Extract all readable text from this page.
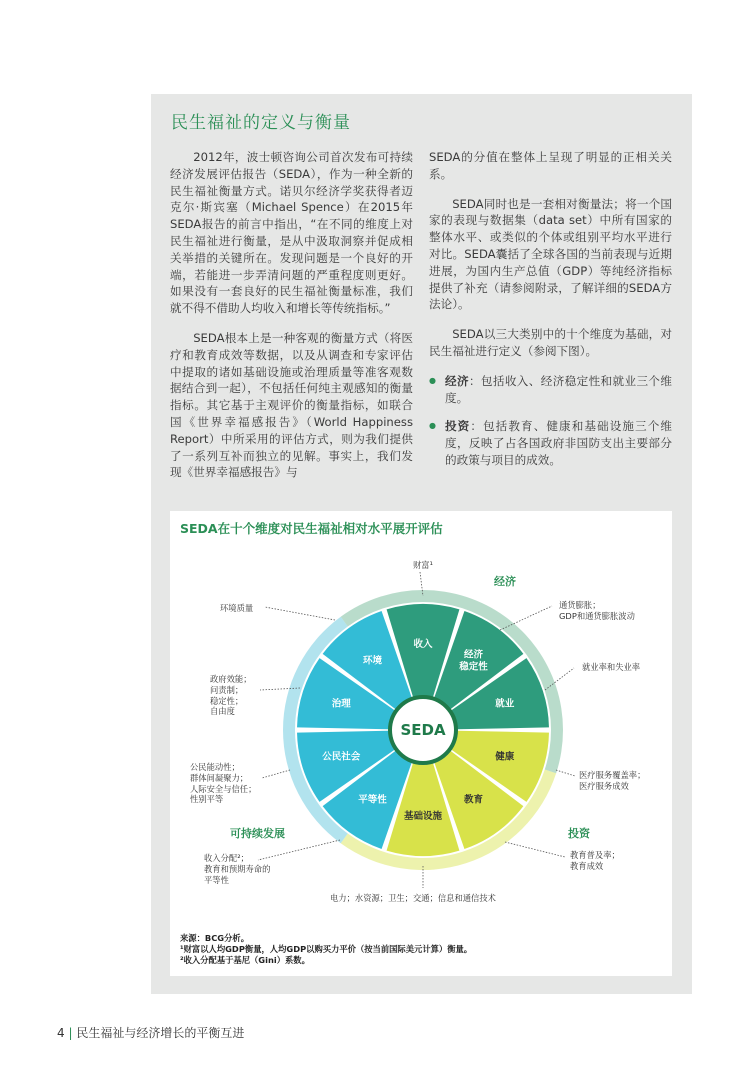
民生福祉的定义与衡量

2012年，波士顿咨询公司首次发布可持续经济发展评估报告（SEDA），作为一种全新的民生福祉衡量方式。诺贝尔经济学奖获得者迈克尔·斯宾塞（Michael Spence）在2015年SEDA报告的前言中指出，“在不同的维度上对民生福祉进行衡量，是从中汲取洞察并促成相关举措的关键所在。发现问题是一个良好的开端，若能进一步弄清问题的严重程度则更好。如果没有一套良好的民生福祉衡量标准，我们就不得不借助人均收入和增长等传统指标。”

SEDA根本上是一种客观的衡量方式（将医疗和教育成效等数据，以及从调查和专家评估中提取的诸如基础设施或治理质量等准客观数据结合到一起），不包括任何纯主观感知的衡量指标。其它基于主观评价的衡量指标，如联合国《世界幸福感报告》（World Happiness Report）中所采用的评估方式，则为我们提供了一系列互补而独立的见解。事实上，我们发现《世界幸福感报告》与

SEDA的分值在整体上呈现了明显的正相关关系。

SEDA同时也是一套相对衡量法；将一个国家的表现与数据集（data set）中所有国家的整体水平、或类似的个体或组别平均水平进行对比。SEDA囊括了全球各国的当前表现与近期进展，为国内生产总值（GDP）等纯经济指标提供了补充（请参阅附录，了解详细的SEDA方法论）。

SEDA以三大类别中的十个维度为基础，对民生福祉进行定义（参阅下图）。

● 经济：包括收入、经济稳定性和就业三个维度。
● 投资：包括教育、健康和基础设施三个维度，反映了占各国政府非国防支出主要部分的政策与项目的成效。
SEDA在十个维度对民生福祉相对水平展开评估
SEDA
收入
经济稳定性
就业
健康
教育
基础设施
平等性
公民社会
治理
环境
经济
投资
可持续发展
财富¹
通货膨胀；
GDP和通货膨胀波动
就业率和失业率
医疗服务覆盖率；
医疗服务成效
教育普及率；
教育成效
电力；水资源；卫生；交通；信息和通信技术
收入分配²；
教育和预期寿命的
平等性
公民能动性；
群体间凝聚力；
人际安全与信任；
性别平等
政府效能；
问责制；
稳定性；
自由度
环境质量
来源：BCG分析。
¹财富以人均GDP衡量，人均GDP以购买力平价（按当前国际美元计算）衡量。
²收入分配基于基尼（Gini）系数。
4 | 民生福祉与经济增长的平衡互进
